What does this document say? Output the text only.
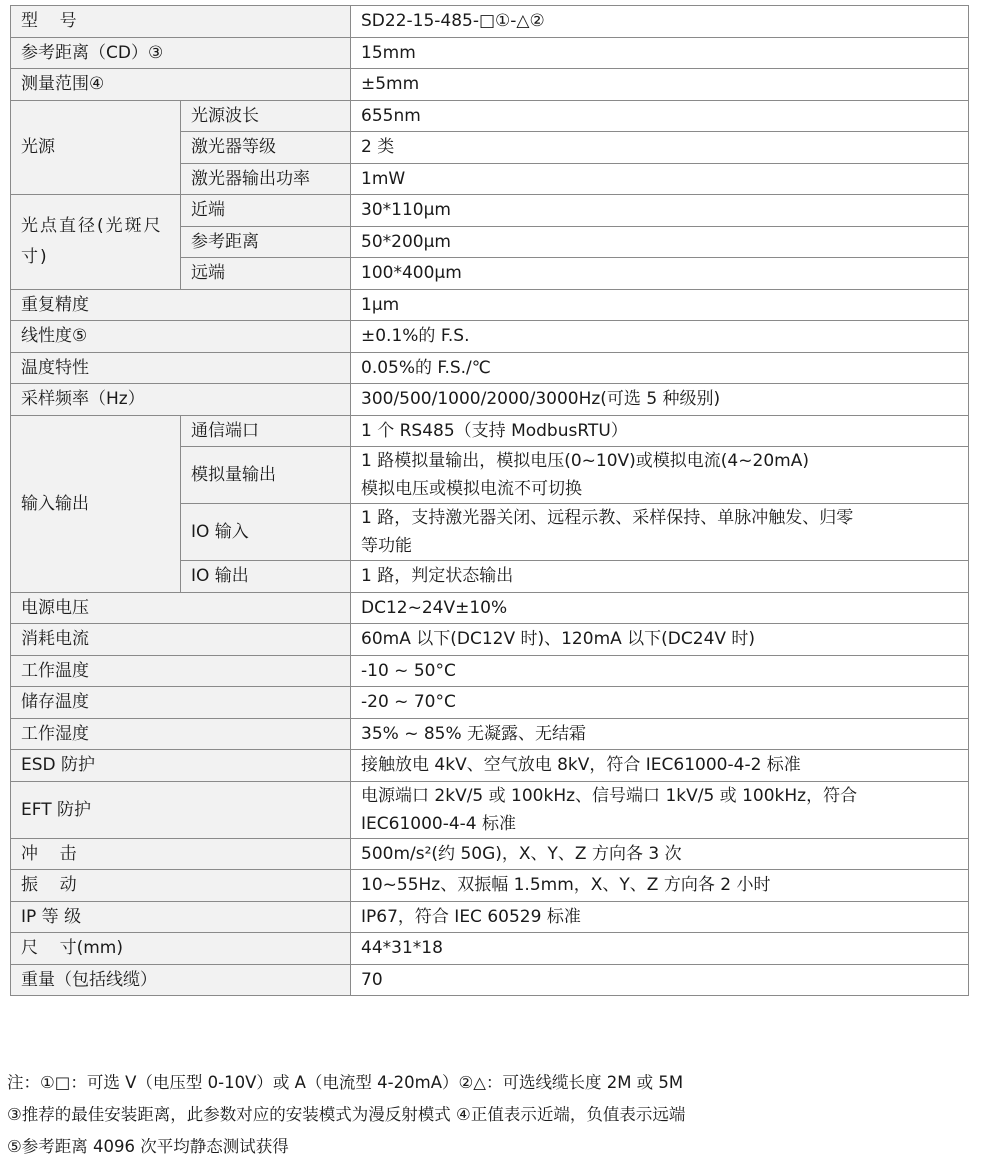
型    号		SD22-15-485-□①-△②
参考距离（CD）③		15mm
测量范围④		±5mm
光源	光源波长	655nm
	激光器等级	2 类
	激光器输出功率	1mW
光点直径(光斑尺寸)	近端	30*110μm
	参考距离	50*200μm
	远端	100*400μm
重复精度		1μm
线性度⑤		±0.1%的 F.S.
温度特性		0.05%的 F.S./℃
采样频率（Hz）		300/500/1000/2000/3000Hz(可选 5 种级别)
输入输出	通信端口	1 个 RS485（支持 ModbusRTU）
	模拟量输出	1 路模拟量输出，模拟电压(0~10V)或模拟电流(4~20mA)
模拟电压或模拟电流不可切换

	IO 输入	1 路，支持激光器关闭、远程示教、采样保持、单脉冲触发、归零
等功能

	IO 输出	1 路，判定状态输出
电源电压		DC12~24V±10%
消耗电流		60mA 以下(DC12V 时)、120mA 以下(DC24V 时)
工作温度		-10 ~ 50°C
储存温度		-20 ~ 70°C
工作湿度		35% ~ 85% 无凝露、无结霜
ESD 防护		接触放电 4kV、空气放电 8kV，符合 IEC61000-4-2 标准
EFT 防护		电源端口 2kV/5 或 100kHz、信号端口 1kV/5 或 100kHz，符合
IEC61000-4-4 标准

冲    击		500m/s²(约 50G)，X、Y、Z 方向各 3 次
振    动		10~55Hz、双振幅 1.5mm，X、Y、Z 方向各 2 小时
IP 等 级		IP67，符合 IEC 60529 标准
尺    寸(mm)		44*31*18
重量（包括线缆）		70
注：①□：可选 V（电压型 0-10V）或 A（电流型 4-20mA）②△：可选线缆长度 2M 或 5M
③推荐的最佳安装距离，此参数对应的安装模式为漫反射模式 ④正值表示近端，负值表示远端
⑤参考距离 4096 次平均静态测试获得
